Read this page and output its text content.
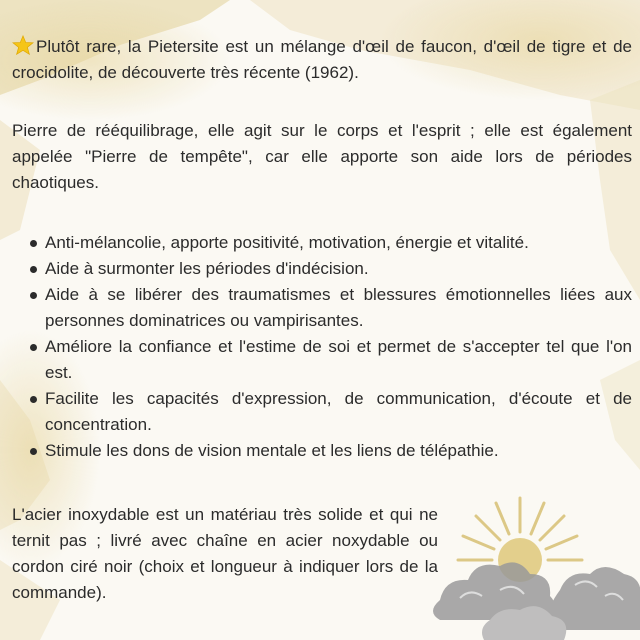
Plutôt rare, la Pietersite est un mélange d'œil de faucon, d'œil de tigre et de crocidolite, de découverte très récente (1962).

Pierre de rééquilibrage, elle agit sur le corps et l'esprit ; elle est également appelée "Pierre de tempête", car elle apporte son aide lors de périodes chaotiques.

Anti-mélancolie, apporte positivité, motivation, énergie et vitalité.
Aide à surmonter les périodes d'indécision.
Aide à se libérer des traumatismes et blessures émotionnelles liées aux personnes dominatrices ou vampirisantes.
Améliore la confiance et l'estime de soi et permet de s'accepter tel que l'on est.
Facilite les capacités d'expression, de communication, d'écoute et de concentration.
Stimule les dons de vision mentale et les liens de télépathie.

L'acier inoxydable est un matériau très solide et qui ne ternit pas ; livré avec chaîne en acier noxydable ou cordon ciré noir (choix et longueur à indiquer lors de la commande).
